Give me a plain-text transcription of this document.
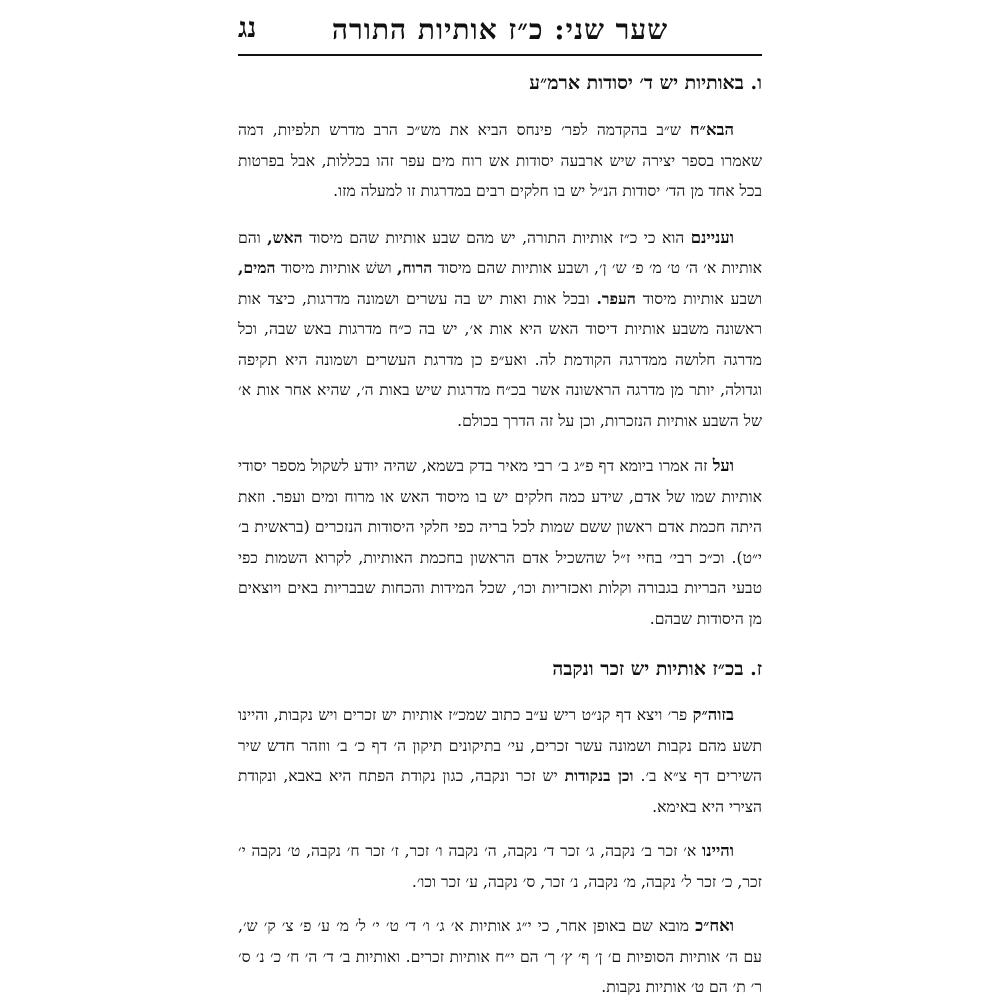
שער שני: כ״ז אותיות התורה
נג
ו. באותיות יש ד׳ יסודות ארמ״ע

הבא״ח ש״ב בהקדמה לפר׳ פינחס הביא את מש״כ הרב מדרש תלפיות, דמה שאמרו בספר יצירה שיש ארבעה יסודות אש רוח מים עפר זהו בכללות, אבל בפרטות בכל אחד מן הד׳ יסודות הנ״ל יש בו חלקים רבים במדרגות זו למעלה מזו.

ועניינם הוא כי כ״ז אותיות התורה, יש מהם שבע אותיות שהם מיסוד האש, והם אותיות א׳ ה׳ ט׳ מ׳ פ׳ ש׳ ן׳, ושבע אותיות שהם מיסוד הרוח, וששׁ אותיות מיסוד המים, ושבע אותיות מיסוד העפר. ובכל אות ואות יש בה עשרים ושמונה מדרגות, כיצד אות ראשונה משבע אותיות דיסוד האש היא אות א׳, יש בה כ״ח מדרגות באש שבה, וכל מדרגה חלושה ממדרגה הקודמת לה. ואע״פ כן מדרגת העשרים ושמונה היא תקיפה וגדולה, יותר מן מדרגה הראשונה אשר בכ״ח מדרגות שיש באות ה׳, שהיא אחר אות א׳ של השבע אותיות הנזכרות, וכן על זה הדרך בכולם.

ועל זה אמרו ביומא דף פ״ג ב׳ רבי מאיר בדק בשמא, שהיה יודע לשקול מספר יסודי אותיות שמו של אדם, שידע כמה חלקים יש בו מיסוד האש או מרוח ומים ועפר. וזאת היתה חכמת אדם ראשון ששם שמות לכל בריה כפי חלקי היסודות הנזכרים (בראשית ב׳ י״ט). וכ״כ רבי׳ בחיי ז״ל שהשכיל אדם הראשון בחכמת האותיות, לקרוא השמות כפי טבעי הבריות בגבורה וקלות ואכזריות וכו׳, שכל המידות והכחות שבבריות באים ויוצאים מן היסודות שבהם.

ז. בכ״ז אותיות יש זכר ונקבה

בזוה״ק פר׳ ויצא דף קנ״ט ריש ע״ב כתוב שמכ״ז אותיות יש זכרים ויש נקבות, והיינו תשע מהם נקבות ושמונה עשר זכרים, עי׳ בתיקונים תיקון ה׳ דף כ׳ ב׳ ווזהר חדש שיר השירים דף צ״א ב׳. וכן בנקודות יש זכר ונקבה, כגון נקודת הפתח היא באבא, ונקודת הצירי היא באימא.

והיינו א׳ זכר ב׳ נקבה, ג׳ זכר ד׳ נקבה, ה׳ נקבה ו׳ זכר, ז׳ זכר ח׳ נקבה, ט׳ נקבה י׳ זכר, כ׳ זכר ל׳ נקבה, מ׳ נקבה, נ׳ זכר, ס׳ נקבה, ע׳ זכר וכו׳.

ואח״כ מובא שם באופן אחר, כי י״ג אותיות א׳ ג׳ ו׳ ד׳ ט׳ י׳ ל׳ מ׳ ע׳ פ׳ צ׳ ק׳ ש׳, עם ה׳ אותיות הסופיות ם׳ ן׳ ף׳ ץ׳ ך׳ הם י״ח אותיות זכרים. ואותיות ב׳ ד׳ ה׳ ח׳ כ׳ נ׳ ס׳ ר׳ ת׳ הם ט׳ אותיות נקבות.
